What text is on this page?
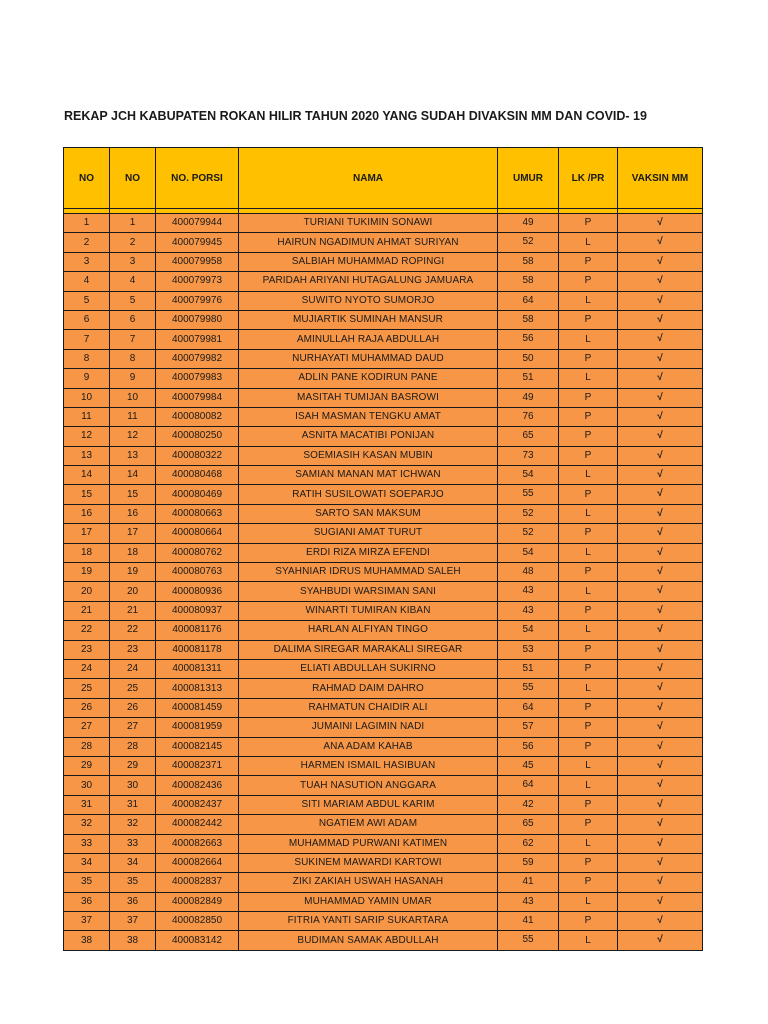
REKAP JCH KABUPATEN ROKAN HILIR TAHUN 2020 YANG SUDAH DIVAKSIN MM DAN COVID- 19
NO	NO	NO. PORSI	NAMA	UMUR	LK /PR	VAKSIN MM

1	1	400079944	TURIANI TUKIMIN SONAWI	49	P	√
2	2	400079945	HAIRUN NGADIMUN AHMAT SURIYAN	52	L	√
3	3	400079958	SALBIAH MUHAMMAD ROPINGI	58	P	√
4	4	400079973	PARIDAH ARIYANI HUTAGALUNG JAMUARA	58	P	√
5	5	400079976	SUWITO NYOTO SUMORJO	64	L	√
6	6	400079980	MUJIARTIK SUMINAH MANSUR	58	P	√
7	7	400079981	AMINULLAH RAJA ABDULLAH	56	L	√
8	8	400079982	NURHAYATI MUHAMMAD DAUD	50	P	√
9	9	400079983	ADLIN PANE KODIRUN PANE	51	L	√
10	10	400079984	MASITAH TUMIJAN BASROWI	49	P	√
11	11	400080082	ISAH MASMAN TENGKU AMAT	76	P	√
12	12	400080250	ASNITA MACATIBI PONIJAN	65	P	√
13	13	400080322	SOEMIASIH KASAN MUBIN	73	P	√
14	14	400080468	SAMIAN MANAN MAT ICHWAN	54	L	√
15	15	400080469	RATIH SUSILOWATI SOEPARJO	55	P	√
16	16	400080663	SARTO SAN MAKSUM	52	L	√
17	17	400080664	SUGIANI AMAT TURUT	52	P	√
18	18	400080762	ERDI RIZA MIRZA EFENDI	54	L	√
19	19	400080763	SYAHNIAR IDRUS MUHAMMAD SALEH	48	P	√
20	20	400080936	SYAHBUDI WARSIMAN SANI	43	L	√
21	21	400080937	WINARTI TUMIRAN KIBAN	43	P	√
22	22	400081176	HARLAN ALFIYAN TINGO	54	L	√
23	23	400081178	DALIMA SIREGAR MARAKALI SIREGAR	53	P	√
24	24	400081311	ELIATI ABDULLAH SUKIRNO	51	P	√
25	25	400081313	RAHMAD DAIM DAHRO	55	L	√
26	26	400081459	RAHMATUN CHAIDIR ALI	64	P	√
27	27	400081959	JUMAINI LAGIMIN NADI	57	P	√
28	28	400082145	ANA ADAM KAHAB	56	P	√
29	29	400082371	HARMEN ISMAIL HASIBUAN	45	L	√
30	30	400082436	TUAH NASUTION ANGGARA	64	L	√
31	31	400082437	SITI MARIAM ABDUL KARIM	42	P	√
32	32	400082442	NGATIEM AWI ADAM	65	P	√
33	33	400082663	MUHAMMAD PURWANI KATIMEN	62	L	√
34	34	400082664	SUKINEM MAWARDI KARTOWI	59	P	√
35	35	400082837	ZIKI ZAKIAH USWAH HASANAH	41	P	√
36	36	400082849	MUHAMMAD YAMIN UMAR	43	L	√
37	37	400082850	FITRIA YANTI SARIP SUKARTARA	41	P	√
38	38	400083142	BUDIMAN SAMAK ABDULLAH	55	L	√
